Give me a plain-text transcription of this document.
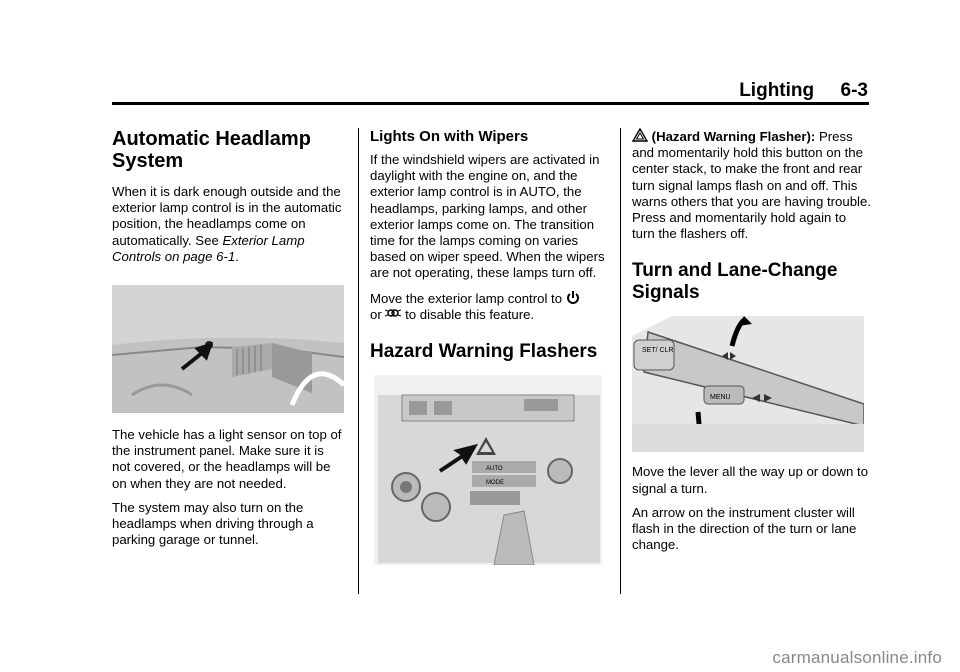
Lighting 6-3
Automatic Headlamp System

When it is dark enough outside and the exterior lamp control is in the automatic position, the headlamps come on automatically. See Exterior Lamp Controls on page 6-1.

The vehicle has a light sensor on top of the instrument panel. Make sure it is not covered, or the headlamps will be on when they are not needed.

The system may also turn on the headlamps when driving through a parking garage or tunnel.

Lights On with Wipers

If the windshield wipers are activated in daylight with the engine on, and the exterior lamp control is in AUTO, the headlamps, parking lamps, and other exterior lamps come on. The transition time for the lamps coming on varies based on wiper speed. When the wipers are not operating, these lamps turn off.

Move the exterior lamp control to
or to disable this feature.

Hazard Warning Flashers
AUTO
MODE

(Hazard Warning Flasher): Press and momentarily hold this button on the center stack, to make the front and rear turn signal lamps flash on and off. This warns others that you are having trouble. Press and momentarily hold again to turn the flashers off.

Turn and Lane-Change Signals
SET/ CLR
MENU

Move the lever all the way up or down to signal a turn.

An arrow on the instrument cluster will flash in the direction of the turn or lane change.

carmanualsonline.info
